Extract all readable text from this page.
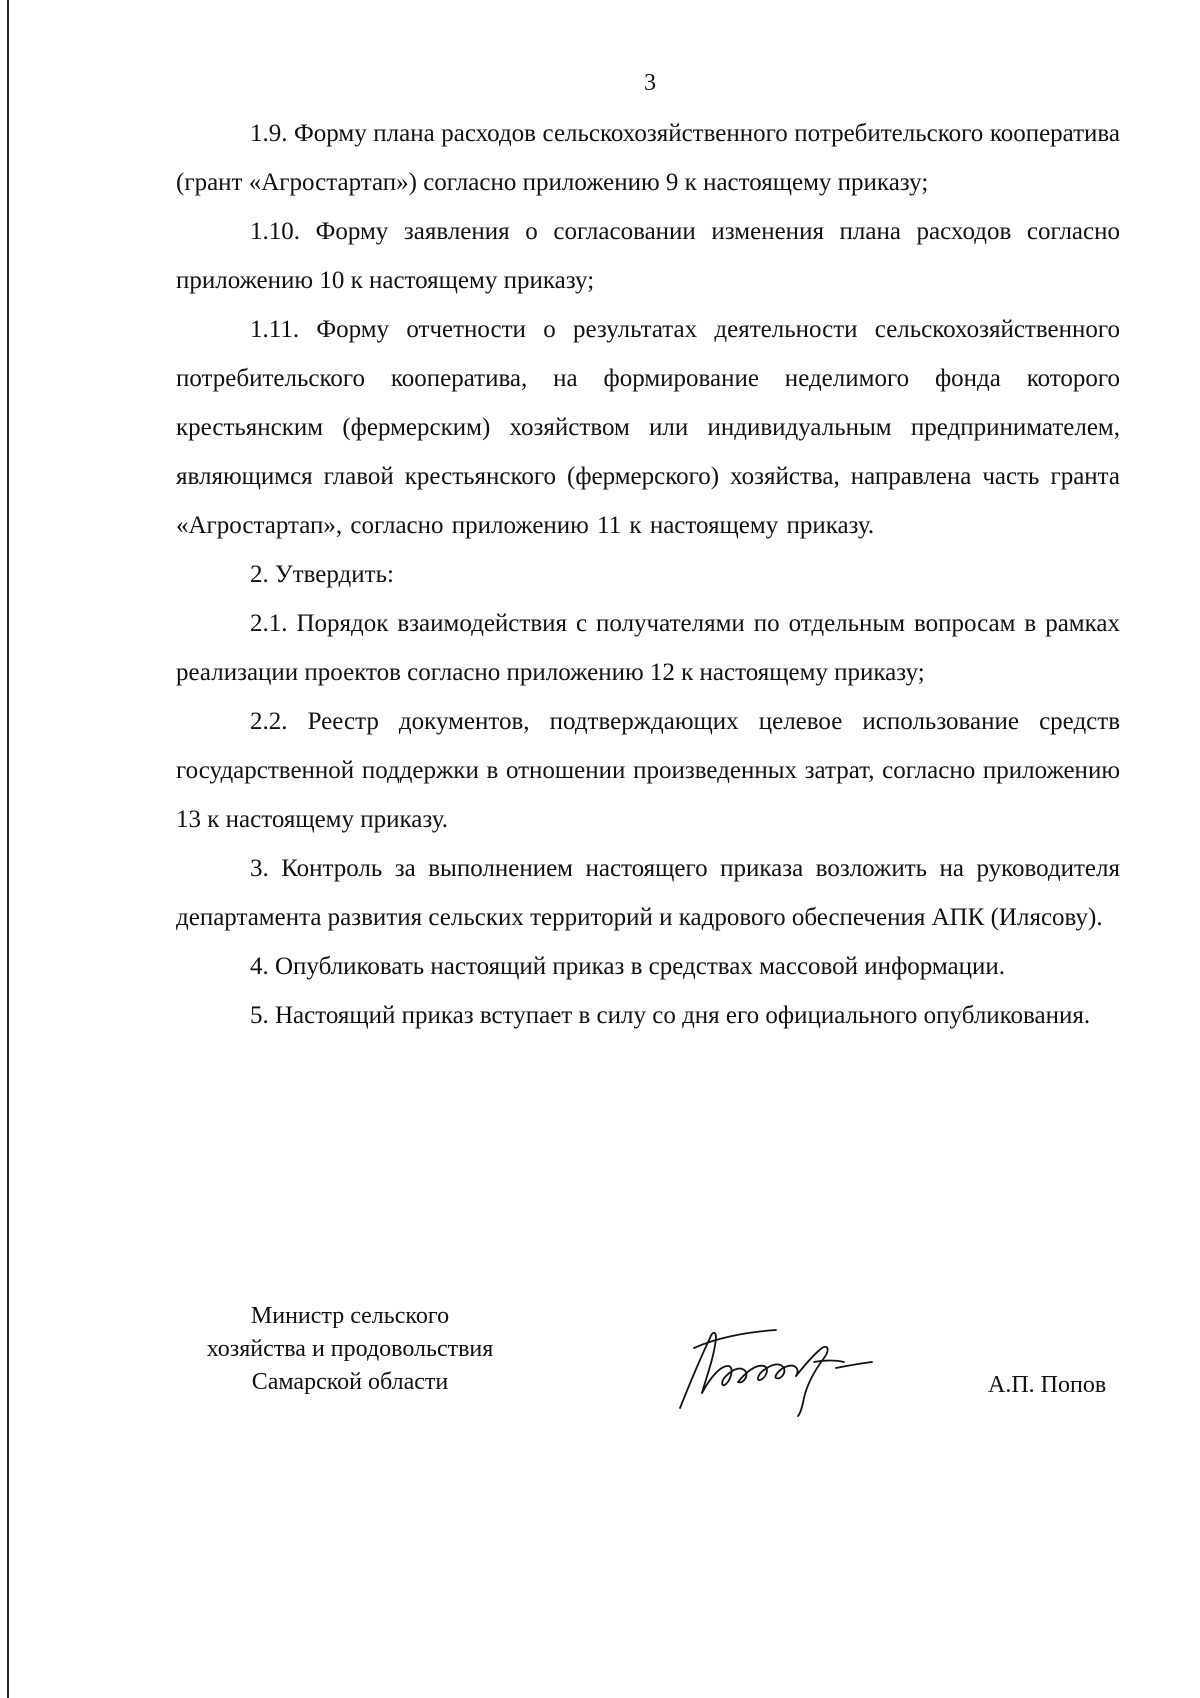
3

1.9. Форму плана расходов сельскохозяйственного потребительского кооператива (грант «Агростартап») согласно приложению 9 к настоящему приказу;

1.10. Форму заявления о согласовании изменения плана расходов согласно приложению 10 к настоящему приказу;

1.11. Форму отчетности о результатах деятельности сельскохозяйственного потребительского кооператива, на формирование неделимого фонда которого крестьянским (фермерским) хозяйством или индивидуальным предпринимателем, являющимся главой крестьянского (фермерского) хозяйства, направлена часть гранта «Агростартап», согласно приложению 11 к настоящему приказу.

2. Утвердить:

2.1. Порядок взаимодействия с получателями по отдельным вопросам в рамках реализации проектов согласно приложению 12 к настоящему приказу;

2.2. Реестр документов, подтверждающих целевое использование средств государственной поддержки в отношении произведенных затрат, согласно приложению 13 к настоящему приказу.

3. Контроль за выполнением настоящего приказа возложить на руководителя департамента развития сельских территорий и кадрового обеспечения АПК (Илясову).

4. Опубликовать настоящий приказ в средствах массовой информации.

5. Настоящий приказ вступает в силу со дня его официального опубликования.

Министр сельского
хозяйства и продовольствия
Самарской области	А.П. Попов
